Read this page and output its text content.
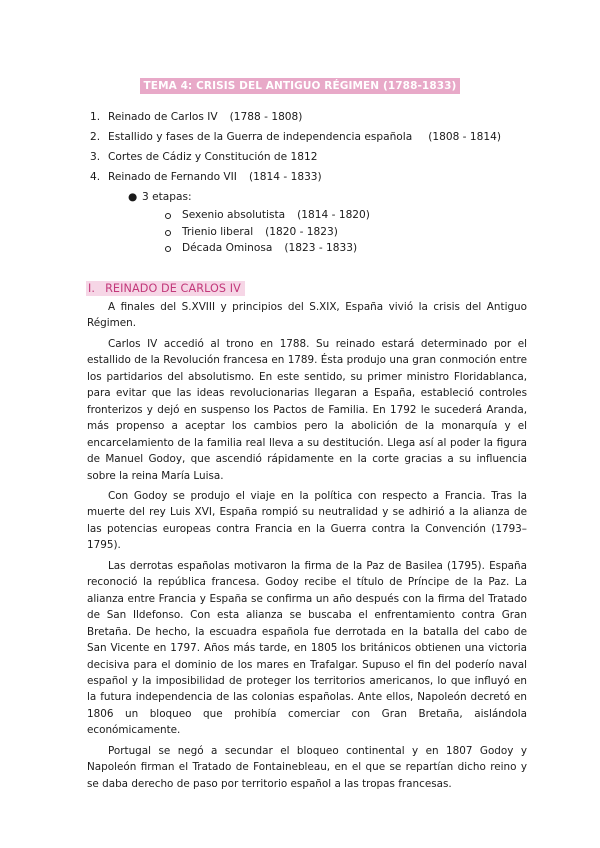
TEMA 4: CRISIS DEL ANTIGUO RÉGIMEN (1788-1833)
1. Reinado de Carlos IV (1788 - 1808)
2. Estallido y fases de la Guerra de independencia española (1808 - 1814)
3. Cortes de Cádiz y Constitución de 1812
4. Reinado de Fernando VII (1814 - 1833)
● 3 etapas:
Sexenio absolutista (1814 - 1820)
Trienio liberal (1820 - 1823)
Década Ominosa (1823 - 1833)
I. REINADO DE CARLOS IV

A finales del S.XVIII y principios del S.XIX, España vivió la crisis del Antiguo Régimen.

Carlos IV accedió al trono en 1788. Su reinado estará determinado por el estallido de la Revolución francesa en 1789. Ésta produjo una gran conmoción entre los partidarios del absolutismo. En este sentido, su primer ministro Floridablanca, para evitar que las ideas revolucionarias llegaran a España, estableció controles fronterizos y dejó en suspenso los Pactos de Familia. En 1792 le sucederá Aranda, más propenso a aceptar los cambios pero la abolición de la monarquía y el encarcelamiento de la familia real lleva a su destitución. Llega así al poder la figura de Manuel Godoy, que ascendió rápidamente en la corte gracias a su influencia sobre la reina María Luisa.

Con Godoy se produjo el viaje en la política con respecto a Francia. Tras la muerte del rey Luis XVI, España rompió su neutralidad y se adhirió a la alianza de las potencias europeas contra Francia en la Guerra contra la Convención (1793–1795).

Las derrotas españolas motivaron la firma de la Paz de Basilea (1795). España reconoció la república francesa. Godoy recibe el título de Príncipe de la Paz. La alianza entre Francia y España se confirma un año después con la firma del Tratado de San Ildefonso. Con esta alianza se buscaba el enfrentamiento contra Gran Bretaña. De hecho, la escuadra española fue derrotada en la batalla del cabo de San Vicente en 1797. Años más tarde, en 1805 los británicos obtienen una victoria decisiva para el dominio de los mares en Trafalgar. Supuso el fin del poderío naval español y la imposibilidad de proteger los territorios americanos, lo que influyó en la futura independencia de las colonias españolas. Ante ellos, Napoleón decretó en 1806 un bloqueo que prohibía comerciar con Gran Bretaña, aislándola económicamente.

Portugal se negó a secundar el bloqueo continental y en 1807 Godoy y Napoleón firman el Tratado de Fontainebleau, en el que se repartían dicho reino y se daba derecho de paso por territorio español a las tropas francesas.
